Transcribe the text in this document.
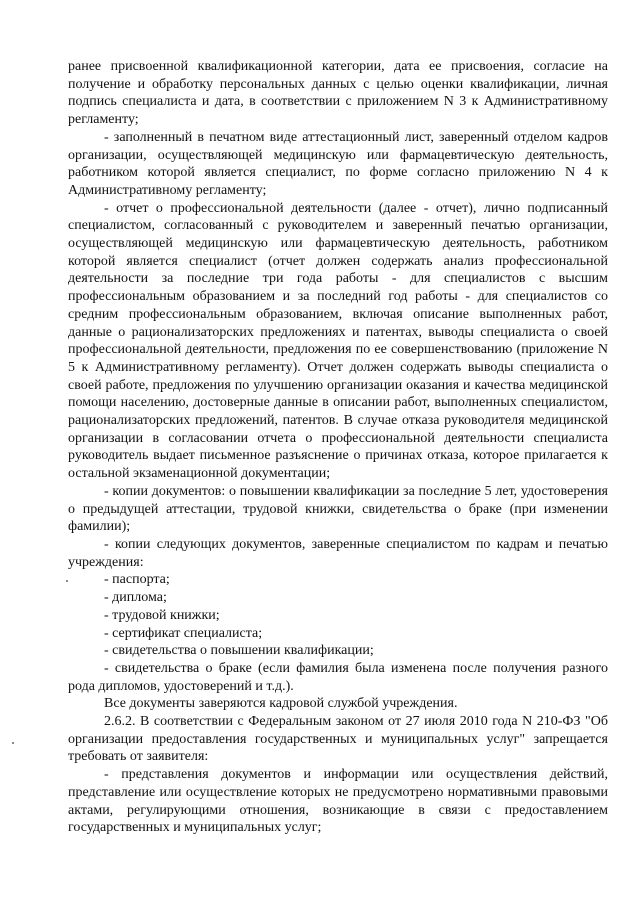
ранее присвоенной квалификационной категории, дата ее присвоения, согласие на получение и обработку персональных данных с целью оценки квалификации, личная подпись специалиста и дата, в соответствии с приложением N 3 к Административному регламенту;

- заполненный в печатном виде аттестационный лист, заверенный отделом кадров организации, осуществляющей медицинскую или фармацевтическую деятельность, работником которой является специалист, по форме согласно приложению N 4 к Административному регламенту;

- отчет о профессиональной деятельности (далее - отчет), лично подписанный специалистом, согласованный с руководителем и заверенный печатью организации, осуществляющей медицинскую или фармацевтическую деятельность, работником которой является специалист (отчет должен содержать анализ профессиональной деятельности за последние три года работы - для специалистов с высшим профессиональным образованием и за последний год работы - для специалистов со средним профессиональным образованием, включая описание выполненных работ, данные о рационализаторских предложениях и патентах, выводы специалиста о своей профессиональной деятельности, предложения по ее совершенствованию (приложение N 5 к Административному регламенту). Отчет должен содержать выводы специалиста о своей работе, предложения по улучшению организации оказания и качества медицинской помощи населению, достоверные данные в описании работ, выполненных специалистом, рационализаторских предложений, патентов. В случае отказа руководителя медицинской организации в согласовании отчета о профессиональной деятельности специалиста руководитель выдает письменное разъяснение о причинах отказа, которое прилагается к остальной экзаменационной документации;

- копии документов: о повышении квалификации за последние 5 лет, удостоверения о предыдущей аттестации, трудовой книжки, свидетельства о браке (при изменении фамилии);

- копии следующих документов, заверенные специалистом по кадрам и печатью учреждения:

- паспорта;

- диплома;

- трудовой книжки;

- сертификат специалиста;

- свидетельства о повышении квалификации;

- свидетельства о браке (если фамилия была изменена после получения разного рода дипломов, удостоверений и т.д.).

Все документы заверяются кадровой службой учреждения.

2.6.2. В соответствии с Федеральным законом от 27 июля 2010 года N 210-ФЗ "Об организации предоставления государственных и муниципальных услуг" запрещается требовать от заявителя:

- представления документов и информации или осуществления действий, представление или осуществление которых не предусмотрено нормативными правовыми актами, регулирующими отношения, возникающие в связи с предоставлением государственных и муниципальных услуг;
